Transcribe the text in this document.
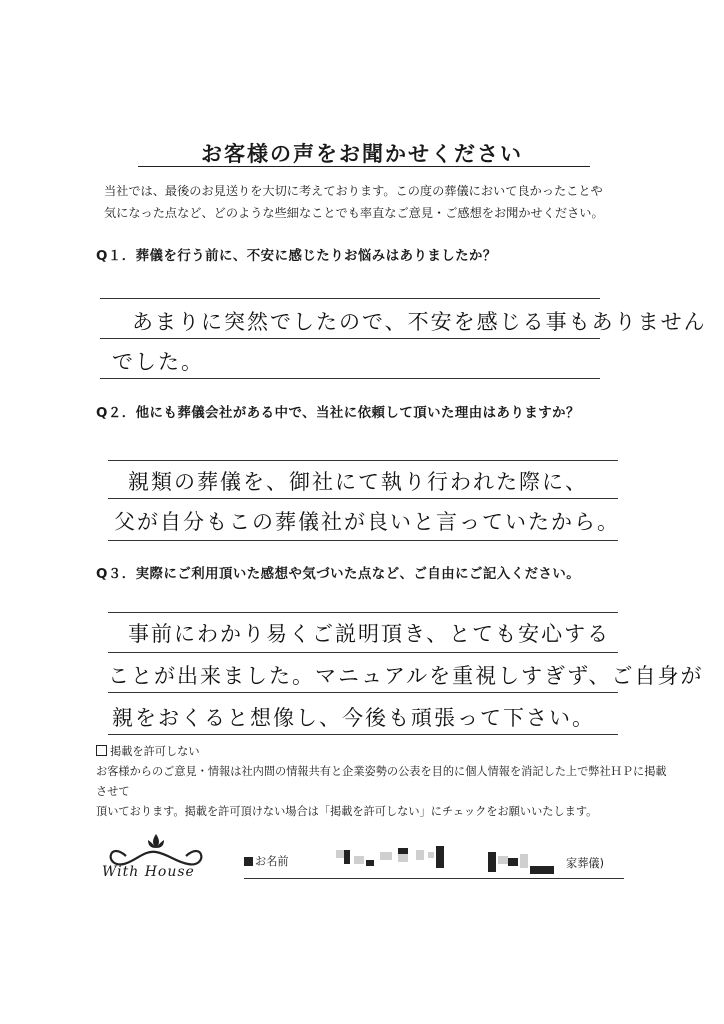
お客様の声をお聞かせください
当社では、最後のお見送りを大切に考えております。この度の葬儀において良かったことや
気になった点など、どのような些細なことでも率直なご意見・ご感想をお聞かせください。
Q１．葬儀を行う前に、不安に感じたりお悩みはありましたか？
あまりに突然でしたので、不安を感じる事もありません
でした。
Q２．他にも葬儀会社がある中で、当社に依頼して頂いた理由はありますか？
親類の葬儀を、御社にて執り行われた際に、
父が自分もこの葬儀社が良いと言っていたから。
Q３．実際にご利用頂いた感想や気づいた点など、ご自由にご記入ください。
事前にわかり易くご説明頂き、とても安心する
ことが出来ました。マニュアルを重視しすぎず、ご自身が
親をおくると想像し、今後も頑張って下さい。
掲載を許可しない
お客様からのご意見・情報は社内間の情報共有と企業姿勢の公表を目的に個人情報を消記した上で弊社ＨＰに掲載させて
頂いております。掲載を許可頂けない場合は「掲載を許可しない」にチェックをお願いいたします。
With House
お名前	家葬儀)
